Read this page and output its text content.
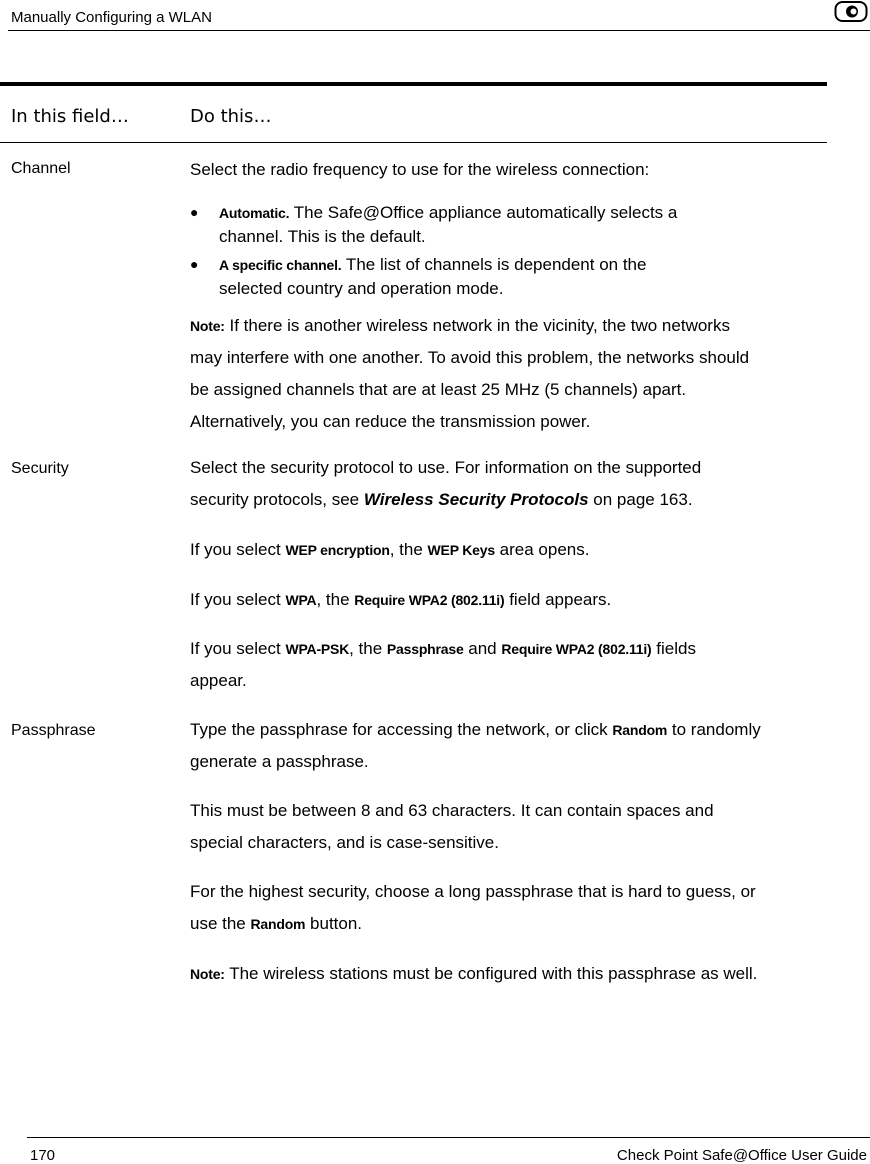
Manually Configuring a WLAN
In this field…	Do this…
Channel	Select the radio frequency to use for the wireless connection:
● Automatic. The Safe@Office appliance automatically selects a
channel. This is the default.
● A specific channel. The list of channels is dependent on the
selected country and operation mode.
Note: If there is another wireless network in the vicinity, the two networks
may interfere with one another. To avoid this problem, the networks should
be assigned channels that are at least 25 MHz (5 channels) apart.
Alternatively, you can reduce the transmission power.
Security	Select the security protocol to use. For information on the supported
security protocols, see Wireless Security Protocols on page 163.
If you select WEP encryption, the WEP Keys area opens.
If you select WPA, the Require WPA2 (802.11i) field appears.
If you select WPA-PSK, the Passphrase and Require WPA2 (802.11i) fields
appear.
Passphrase	Type the passphrase for accessing the network, or click Random to randomly
generate a passphrase.
This must be between 8 and 63 characters. It can contain spaces and
special characters, and is case-sensitive.
For the highest security, choose a long passphrase that is hard to guess, or
use the Random button.
Note: The wireless stations must be configured with this passphrase as well.
170	Check Point Safe@Office User Guide
